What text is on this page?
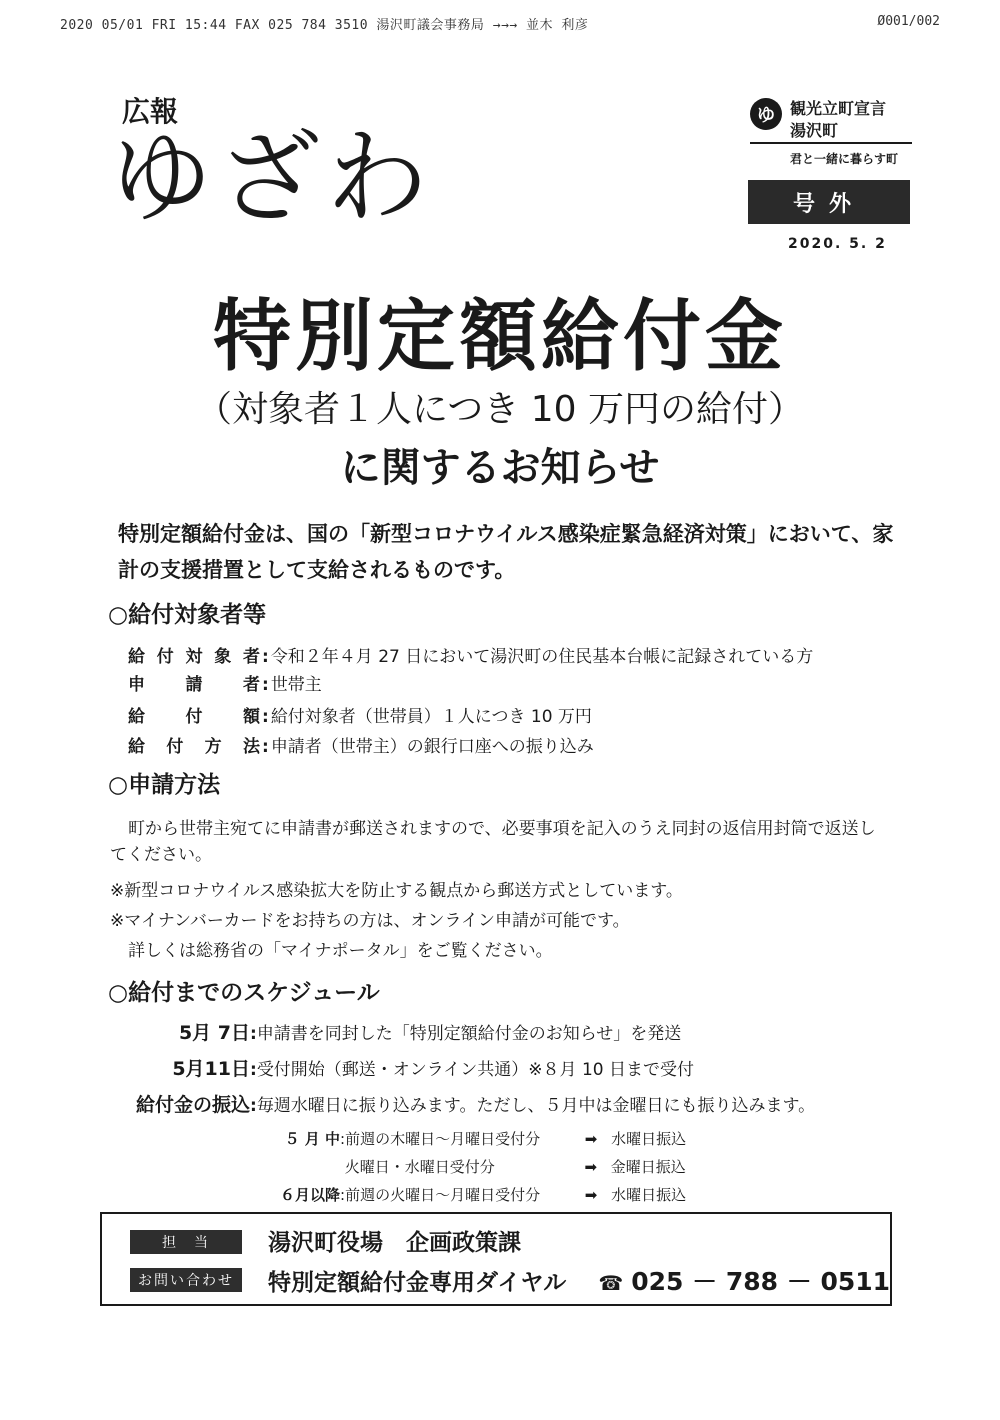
2020 05/01 FRI 15:44 FAX 025 784 3510 湯沢町議会事務局 →→→ 並木 利彦	Ø001/002
広報
ゆざわ
ゆ 観光立町宣言
湯沢町
君と一緒に暮らす町
号外
2020. 5. 2
特別定額給付金
（対象者１人につき 10 万円の給付）
に関するお知らせ
特別定額給付金は、国の「新型コロナウイルス感染症緊急経済対策」において、家計の支援措置として支給されるものです。
○給付対象者等
給付対象者 : 令和２年４月 27 日において湯沢町の住民基本台帳に記録されている方
申請者 : 世帯主
給付額 : 給付対象者（世帯員）１人につき 10 万円
給付方法 : 申請者（世帯主）の銀行口座への振り込み
○申請方法
町から世帯主宛てに申請書が郵送されますので、必要事項を記入のうえ同封の返信用封筒で返送し
てください。
※新型コロナウイルス感染拡大を防止する観点から郵送方式としています。
※マイナンバーカードをお持ちの方は、オンライン申請が可能です。
詳しくは総務省の「マイナポータル」をご覧ください。
○給付までのスケジュール
5月 7日:申請書を同封した「特別定額給付金のお知らせ」を発送
5月11日:受付開始（郵送・オンライン共通）※８月 10 日まで受付
給付金の振込:毎週水曜日に振り込みます。ただし、５月中は金曜日にも振り込みます。
５ 月 中:前週の木曜日～月曜日受付分	➡ 水曜日振込
火曜日・水曜日受付分	➡ 金曜日振込
６月以降:前週の火曜日～月曜日受付分	➡ 水曜日振込
担　当	湯沢町役場　企画政策課
お問い合わせ	特別定額給付金専用ダイヤル ☎ 025 － 788 － 0511
